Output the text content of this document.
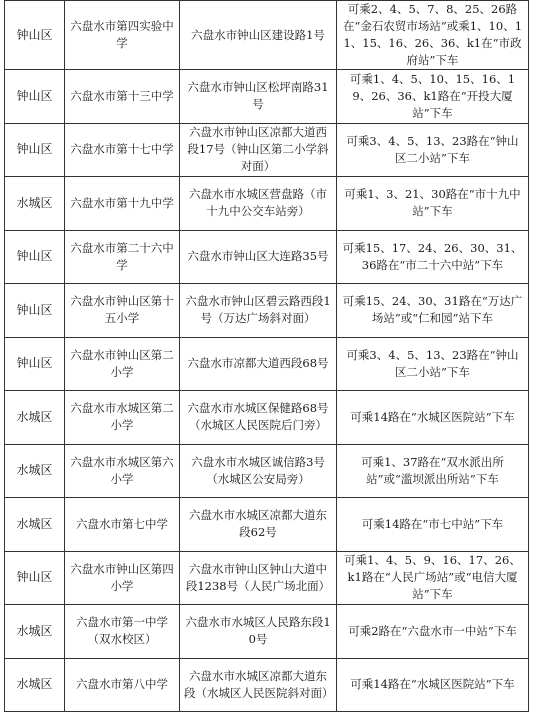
钟山区	六盘水市第四实验中学	六盘水市钟山区建设路1号	可乘2、4、5、7、8、25、26路在“金石农贸市场站”或乘1、10、11、15、16、26、36、k1在“市政府站”下车
钟山区	六盘水市第十三中学	六盘水市钟山区松坪南路31号	可乘1、4、5、10、15、16、19、26、36、k1路在“开投大厦站”下车
钟山区	六盘水市第十七中学	六盘水市钟山区凉都大道西段17号（钟山区第二小学斜对面）	可乘3、4、5、13、23路在“钟山区二小站”下车
水城区	六盘水市第十九中学	六盘水市水城区营盘路（市十九中公交车站旁）	可乘1、3、21、30路在“市十九中站”下车
钟山区	六盘水市第二十六中学	六盘水市钟山区大连路35号	可乘15、17、24、26、30、31、36路在“市二十六中站”下车
钟山区	六盘水市钟山区第十五小学	六盘水市钟山区碧云路西段1号（万达广场斜对面）	可乘15、24、30、31路在“万达广场站”或“仁和园”站下车
钟山区	六盘水市钟山区第二小学	六盘水市凉都大道西段68号	可乘3、4、5、13、23路在“钟山区二小站”下车
水城区	六盘水市水城区第二小学	六盘水市水城区保健路68号（水城区人民医院后门旁）	可乘14路在“水城区医院站”下车
水城区	六盘水市水城区第六小学	六盘水市水城区诚信路3号（水城区公安局旁）	可乘1、37路在“双水派出所站”或“滥坝派出所站”下车
水城区	六盘水市第七中学	六盘水市水城区凉都大道东段62号	可乘14路在“市七中站”下车
钟山区	六盘水市钟山区第四小学	六盘水市钟山区钟山大道中段1238号（人民广场北面）	可乘1、4、5、9、16、17、26、k1路在“人民广场站”或“电信大厦站”下车
水城区	六盘水市第一中学（双水校区）	六盘水市水城区人民路东段10号	可乘2路在“六盘水市一中站”下车
水城区	六盘水市第八中学	六盘水市水城区凉都大道东段（水城区人民医院斜对面）	可乘14路在“水城区医院站”下车
